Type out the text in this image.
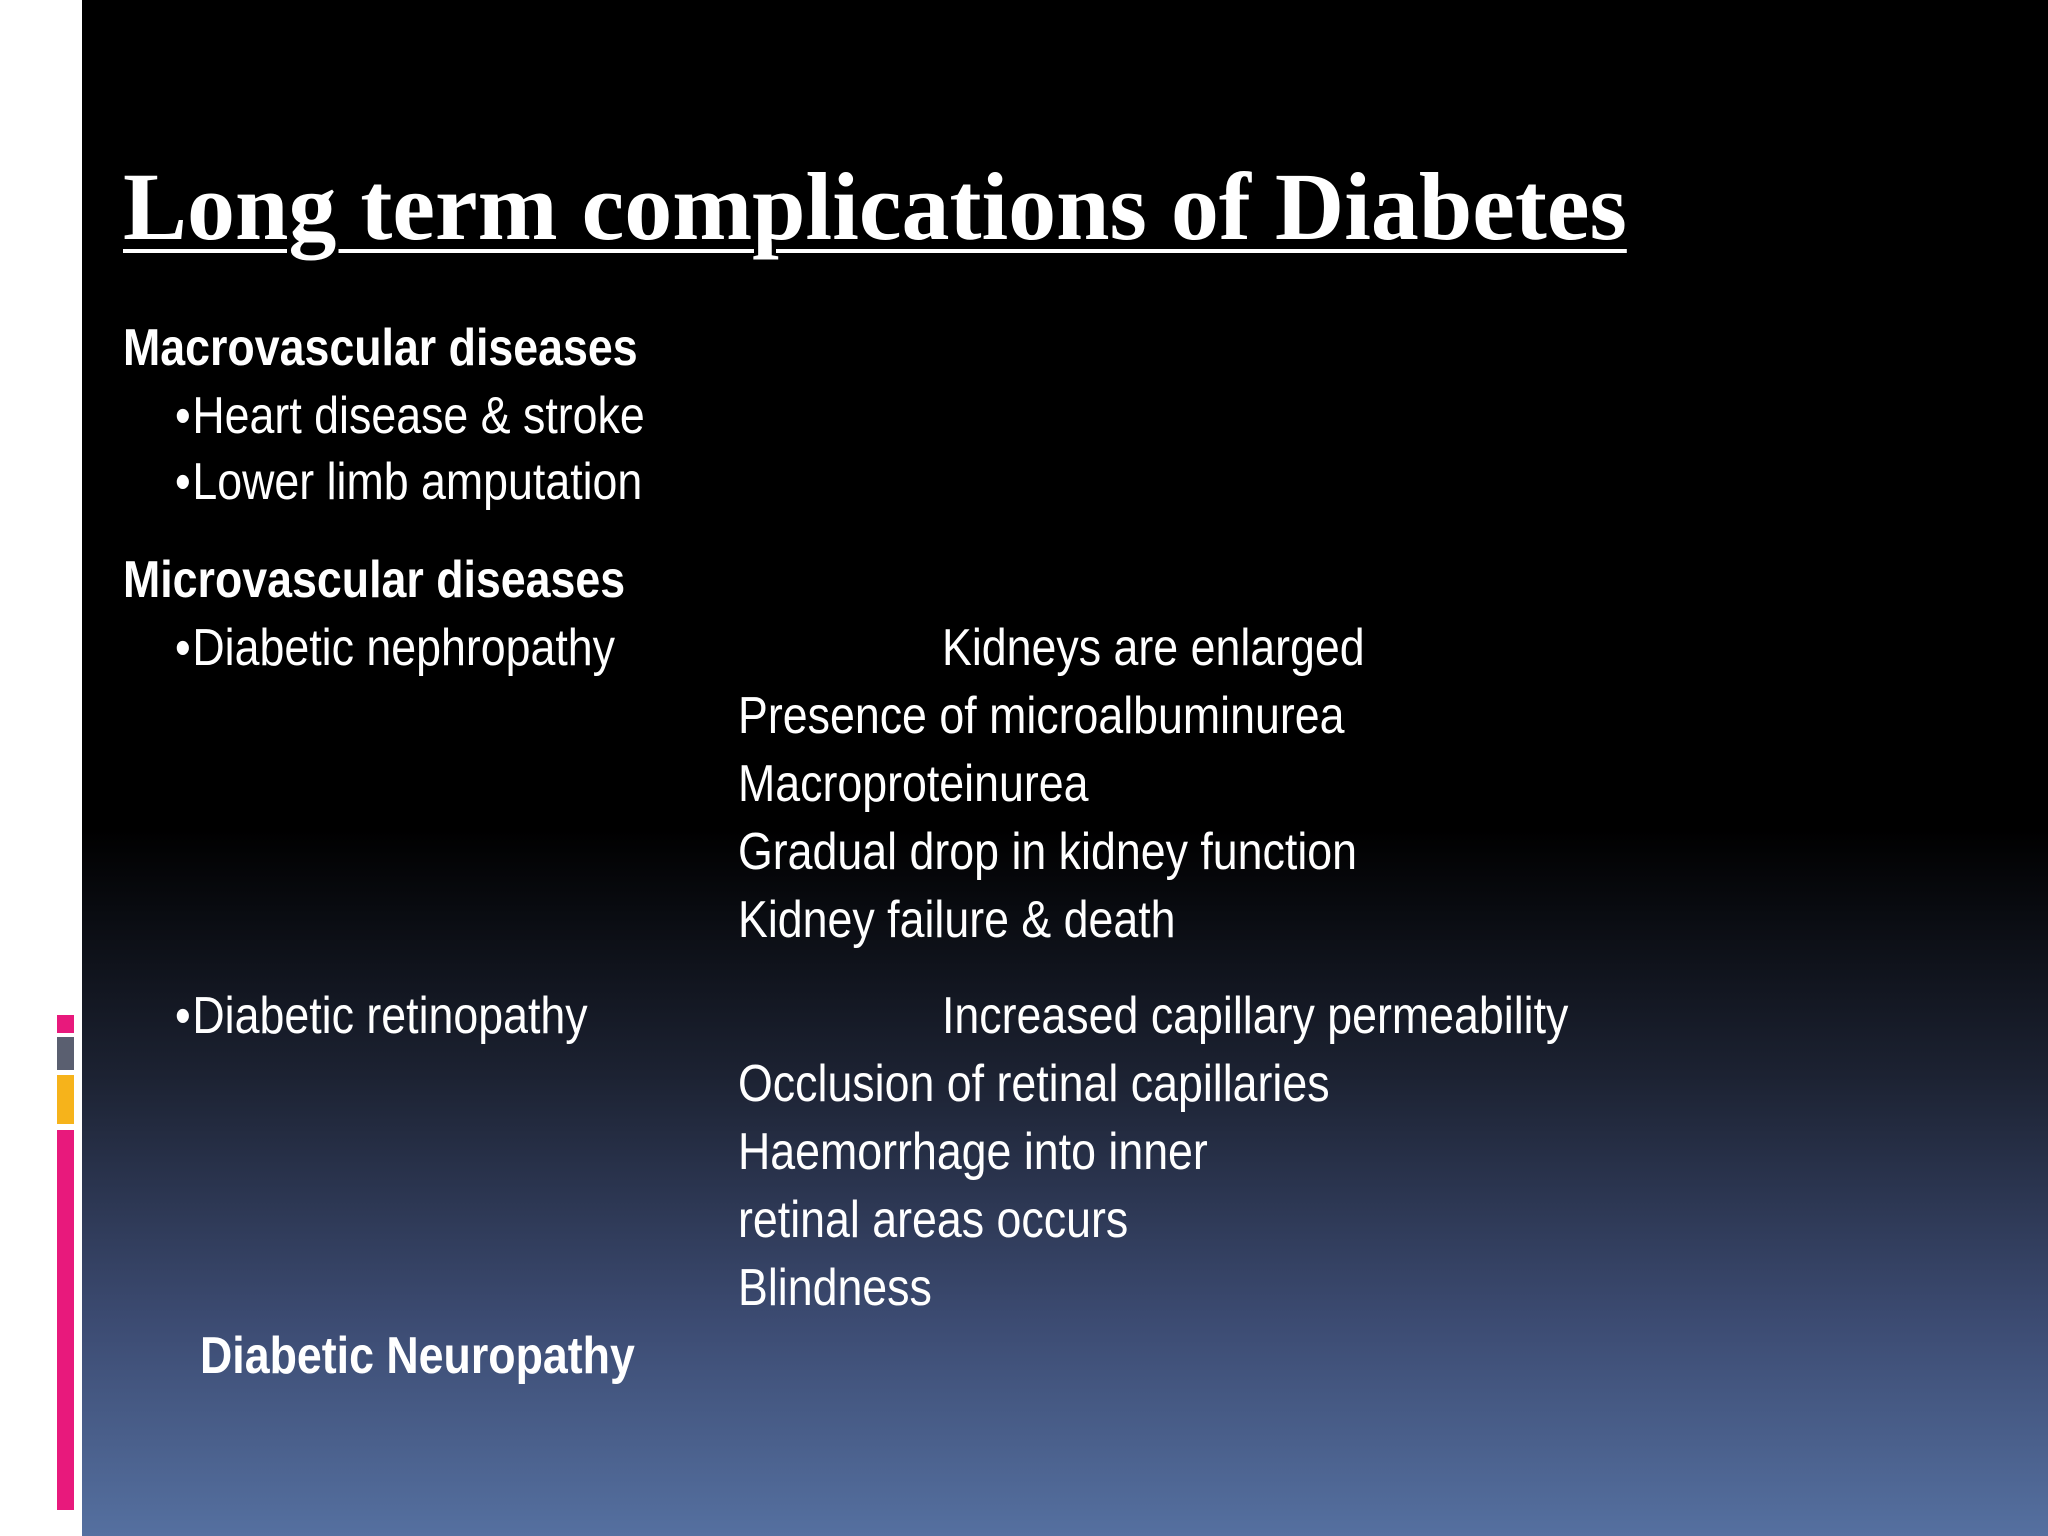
Long term complications of Diabetes
Macrovascular diseases
• Heart disease & stroke
• Lower limb amputation
Microvascular diseases
• Diabetic nephropathy	Kidneys are enlarged
Presence of microalbuminurea
Macroproteinurea
Gradual drop in kidney function
Kidney failure & death
• Diabetic retinopathy	Increased capillary permeability
Occlusion of retinal capillaries
Haemorrhage into inner
retinal areas occurs
Blindness
Diabetic Neuropathy
